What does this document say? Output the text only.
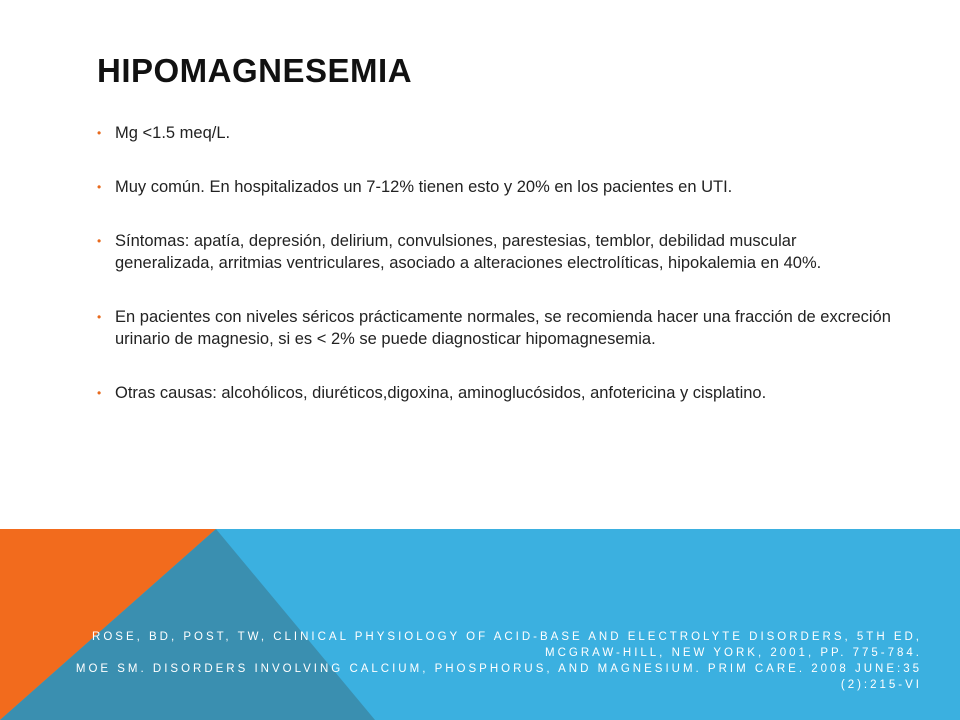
HIPOMAGNESEMIA
• Mg <1.5 meq/L.
• Muy común. En hospitalizados un 7-12% tienen esto y 20% en los pacientes en UTI.
• Síntomas: apatía, depresión, delirium, convulsiones, parestesias, temblor, debilidad muscular generalizada, arritmias ventriculares, asociado a alteraciones electrolíticas, hipokalemia en 40%.
• En pacientes con niveles séricos prácticamente normales, se recomienda hacer una fracción de excreción urinario de magnesio, si es < 2% se puede diagnosticar hipomagnesemia.
• Otras causas: alcohólicos, diuréticos,digoxina, aminoglucósidos, anfotericina y cisplatino.
ROSE, BD, POST, TW, CLINICAL PHYSIOLOGY OF ACID-BASE AND ELECTROLYTE DISORDERS, 5TH ED, MCGRAW-HILL, NEW YORK, 2001, PP. 775-784.
MOE SM. DISORDERS INVOLVING CALCIUM, PHOSPHORUS, AND MAGNESIUM. PRIM CARE. 2008 JUNE:35 (2):215-VI
